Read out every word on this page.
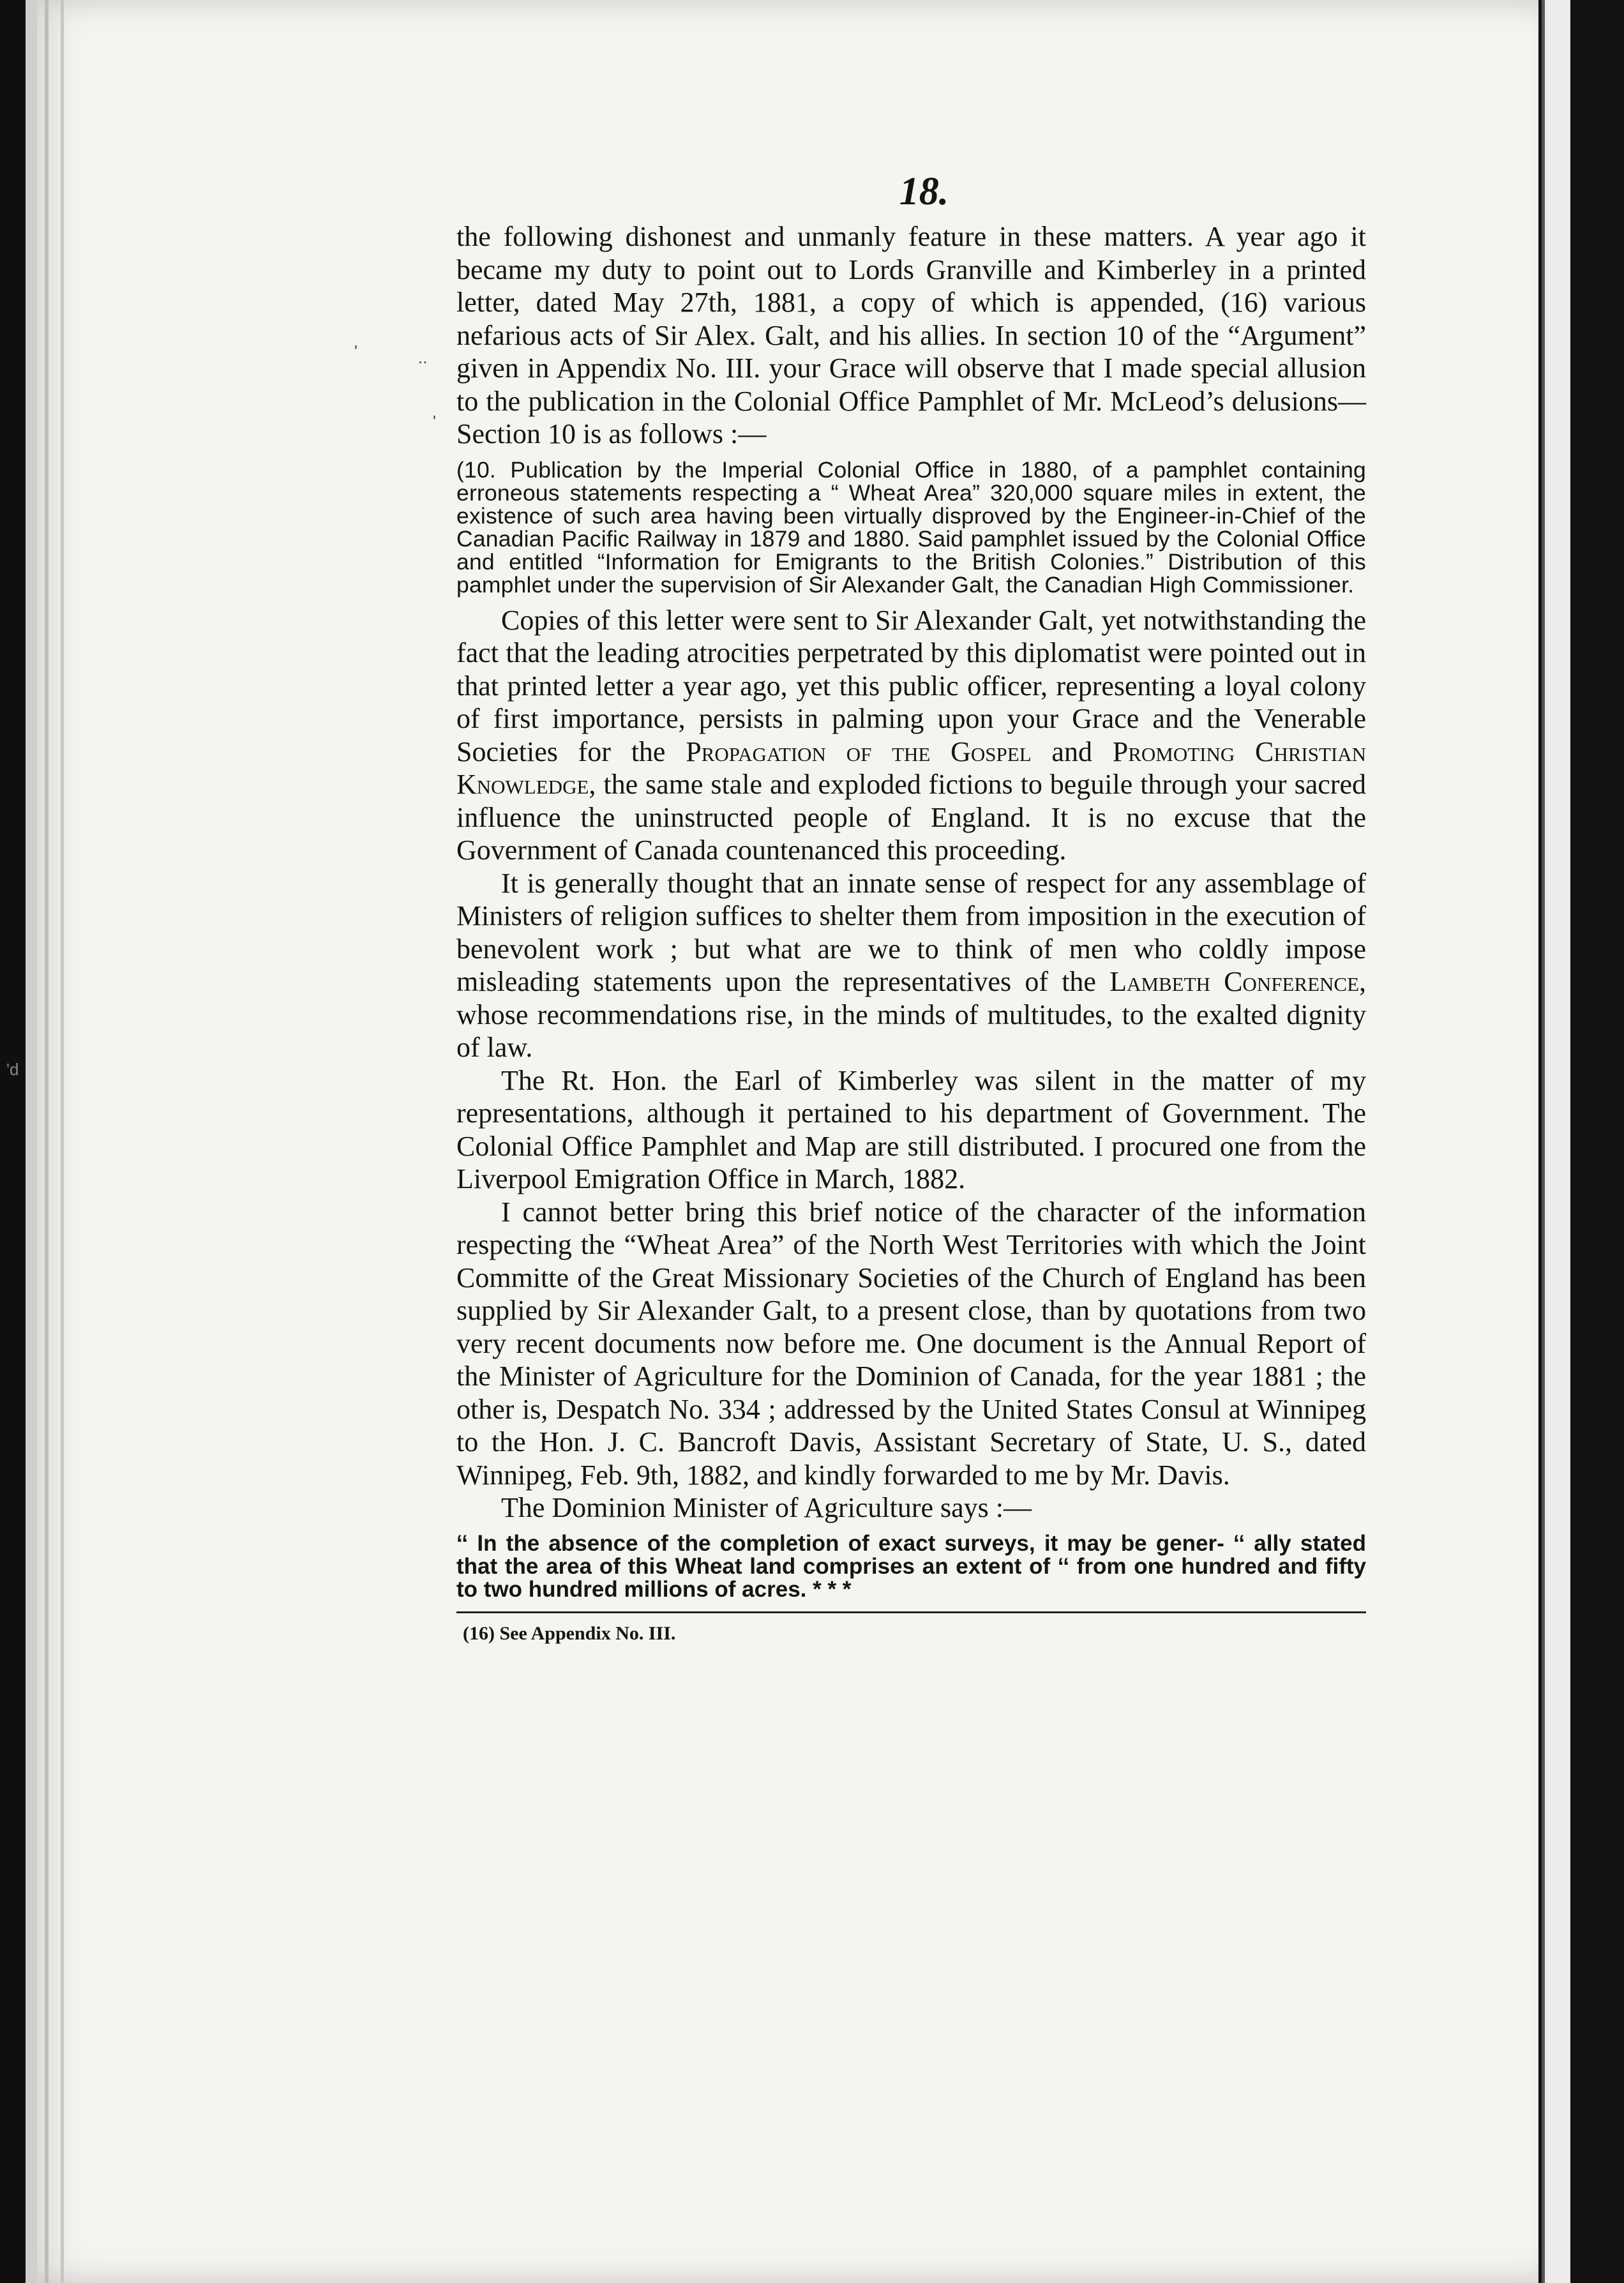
'	..
'
'd
18.

the following dishonest and unmanly feature in these matters. A year ago it became my duty to point out to Lords Granville and Kimberley in a printed letter, dated May 27th, 1881, a copy of which is appended, (16) various nefarious acts of Sir Alex. Galt, and his allies. In section 10 of the “Argument” given in Appendix No. III. your Grace will observe that I made special allusion to the publication in the Colonial Office Pamphlet of Mr. McLeod’s delusions—Section 10 is as follows :—

(10. Publication by the Imperial Colonial Office in 1880, of a pamphlet containing erroneous statements respecting a “ Wheat Area” 320,000 square miles in extent, the existence of such area having been virtually disproved by the Engineer-in-Chief of the Canadian Pacific Railway in 1879 and 1880. Said pamphlet issued by the Colonial Office and entitled “Information for Emigrants to the British Colonies.” Distribution of this pamphlet under the supervision of Sir Alexander Galt, the Canadian High Commissioner.

Copies of this letter were sent to Sir Alexander Galt, yet notwithstanding the fact that the leading atrocities perpetrated by this diplomatist were pointed out in that printed letter a year ago, yet this public officer, representing a loyal colony of first importance, persists in palming upon your Grace and the Venerable Societies for the Propagation of the Gospel and Promoting Christian Knowledge, the same stale and exploded fictions to beguile through your sacred influence the uninstructed people of England. It is no excuse that the Government of Canada countenanced this proceeding.

It is generally thought that an innate sense of respect for any assemblage of Ministers of religion suffices to shelter them from imposition in the execution of benevolent work ; but what are we to think of men who coldly impose misleading statements upon the representatives of the Lambeth Conference, whose recommendations rise, in the minds of multitudes, to the exalted dignity of law.

The Rt. Hon. the Earl of Kimberley was silent in the matter of my representations, although it pertained to his department of Government. The Colonial Office Pamphlet and Map are still distributed. I procured one from the Liverpool Emigration Office in March, 1882.

I cannot better bring this brief notice of the character of the information respecting the “Wheat Area” of the North West Territories with which the Joint Committe of the Great Missionary Societies of the Church of England has been supplied by Sir Alexander Galt, to a present close, than by quotations from two very recent documents now before me. One document is the Annual Report of the Minister of Agriculture for the Dominion of Canada, for the year 1881 ; the other is, Despatch No. 334 ; addressed by the United States Consul at Winnipeg to the Hon. J. C. Bancroft Davis, Assistant Secretary of State, U. S., dated Winnipeg, Feb. 9th, 1882, and kindly forwarded to me by Mr. Davis.

The Dominion Minister of Agriculture says :—

‘‘ In the absence of the completion of exact surveys, it may be gener- ‘‘ ally stated that the area of this Wheat land comprises an extent of ‘‘ from one hundred and fifty to two hundred millions of acres. * * *

(16) See Appendix No. III.
